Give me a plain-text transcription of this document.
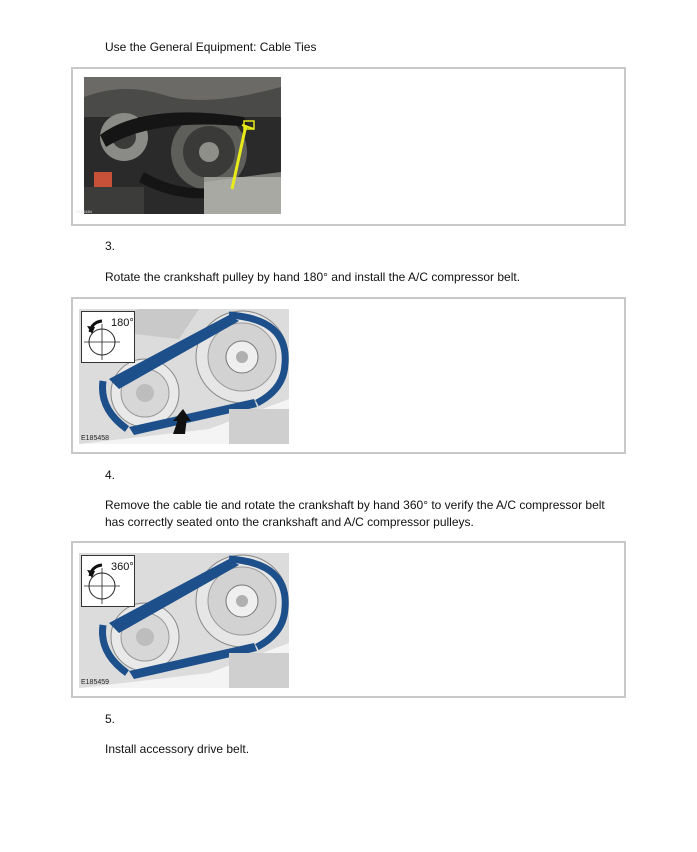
Use the General Equipment: Cable Ties
E185484
3.
Rotate the crankshaft pulley by hand 180° and install the A/C compressor belt.
180°
E185458
4.
Remove the cable tie and rotate the crankshaft by hand 360° to verify the A/C compressor belt
has correctly seated onto the crankshaft and A/C compressor pulleys.
360°
E185459
5.
Install accessory drive belt.
